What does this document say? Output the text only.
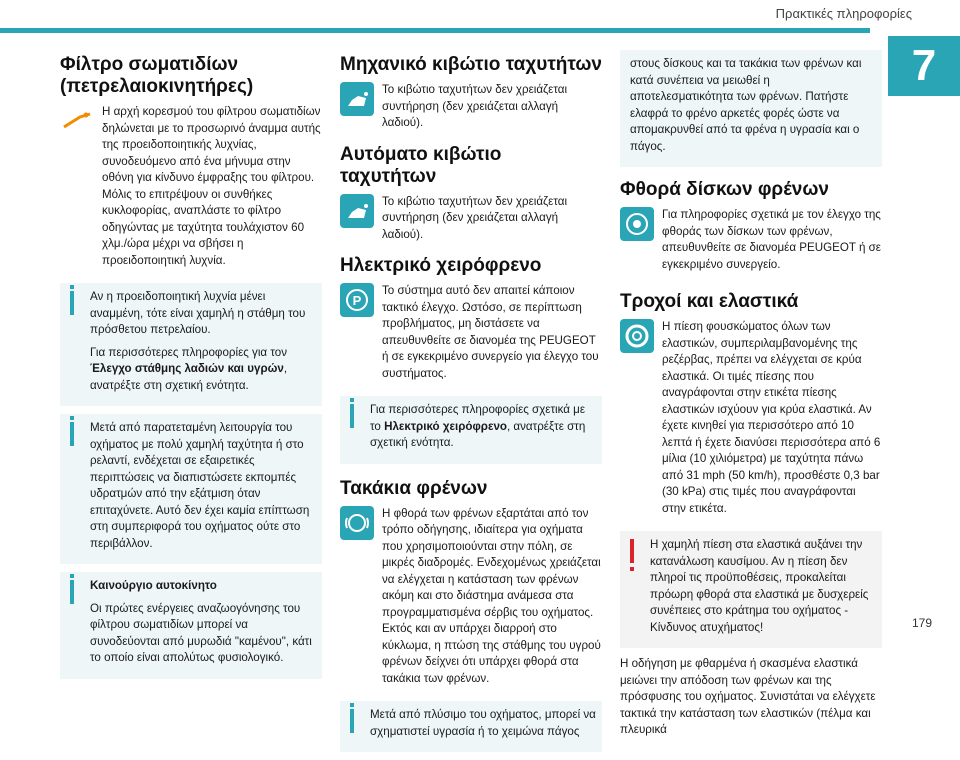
Πρακτικές πληροφορίες
7
179
Φίλτρο σωματιδίων (πετρελαιοκινητήρες)

Η αρχή κορεσμού του φίλτρου σωματιδίων δηλώνεται με το προσωρινό άναμμα αυτής της προειδοποιητικής λυχνίας, συνοδευόμενο από ένα μήνυμα στην οθόνη για κίνδυνο έμφραξης του φίλτρου. Μόλις το επιτρέψουν οι συνθήκες κυκλοφορίας, αναπλάστε το φίλτρο οδηγώντας με ταχύτητα τουλάχιστον 60 χλμ./ώρα μέχρι να σβήσει η προειδοποιητική λυχνία.

Αν η προειδοποιητική λυχνία μένει αναμμένη, τότε είναι χαμηλή η στάθμη του πρόσθετου πετρελαίου.

Για περισσότερες πληροφορίες για τον Έλεγχο στάθμης λαδιών και υγρών, ανατρέξτε στη σχετική ενότητα.

Μετά από παρατεταμένη λειτουργία του οχήματος με πολύ χαμηλή ταχύτητα ή στο ρελαντί, ενδέχεται σε εξαιρετικές περιπτώσεις να διαπιστώσετε εκπομπές υδρατμών από την εξάτμιση όταν επιταχύνετε. Αυτό δεν έχει καμία επίπτωση στη συμπεριφορά του οχήματος ούτε στο περιβάλλον.

Καινούργιο αυτοκίνητο

Οι πρώτες ενέργειες αναζωογόνησης του φίλτρου σωματιδίων μπορεί να συνοδεύονται από μυρωδιά "καμένου", κάτι το οποίο είναι απολύτως φυσιολογικό.

Μηχανικό κιβώτιο ταχυτήτων

Το κιβώτιο ταχυτήτων δεν χρειάζεται συντήρηση (δεν χρειάζεται αλλαγή λαδιού).

Αυτόματο κιβώτιο ταχυτήτων

Το κιβώτιο ταχυτήτων δεν χρειάζεται συντήρηση (δεν χρειάζεται αλλαγή λαδιού).

Ηλεκτρικό χειρόφρενο
P

Το σύστημα αυτό δεν απαιτεί κάποιον τακτικό έλεγχο. Ωστόσο, σε περίπτωση προβλήματος, μη διστάσετε να απευθυνθείτε σε διανομέα της PEUGEOT ή σε εγκεκριμένο συνεργείο για έλεγχο του συστήματος.

Για περισσότερες πληροφορίες σχετικά με το Ηλεκτρικό χειρόφρενο, ανατρέξτε στη σχετική ενότητα.

Τακάκια φρένων

Η φθορά των φρένων εξαρτάται από τον τρόπο οδήγησης, ιδιαίτερα για οχήματα που χρησιμοποιούνται στην πόλη, σε μικρές διαδρομές. Ενδεχομένως χρειάζεται να ελέγχεται η κατάσταση των φρένων ακόμη και στο διάστημα ανάμεσα στα προγραμματισμένα σέρβις του οχήματος. Εκτός και αν υπάρχει διαρροή στο κύκλωμα, η πτώση της στάθμης του υγρού φρένων δείχνει ότι υπάρχει φθορά στα τακάκια των φρένων.

Μετά από πλύσιμο του οχήματος, μπορεί να σχηματιστεί υγρασία ή το χειμώνα πάγος

στους δίσκους και τα τακάκια των φρένων και κατά συνέπεια να μειωθεί η αποτελεσματικότητα των φρένων. Πατήστε ελαφρά το φρένο αρκετές φορές ώστε να απομακρυνθεί από τα φρένα η υγρασία και ο πάγος.

Φθορά δίσκων φρένων

Για πληροφορίες σχετικά με τον έλεγχο της φθοράς των δίσκων των φρένων, απευθυνθείτε σε διανομέα PEUGEOT ή σε εγκεκριμένο συνεργείο.

Τροχοί και ελαστικά

Η πίεση φουσκώματος όλων των ελαστικών, συμπεριλαμβανομένης της ρεζέρβας, πρέπει να ελέγχεται σε κρύα ελαστικά. Οι τιμές πίεσης που αναγράφονται στην ετικέτα πίεσης ελαστικών ισχύουν για κρύα ελαστικά. Αν έχετε κινηθεί για περισσότερο από 10 λεπτά ή έχετε διανύσει περισσότερα από 6 μίλια (10 χιλιόμετρα) με ταχύτητα πάνω από 31 mph (50 km/h), προσθέστε 0,3 bar (30 kPa) στις τιμές που αναγράφονται στην ετικέτα.

Η χαμηλή πίεση στα ελαστικά αυξάνει την κατανάλωση καυσίμου. Αν η πίεση δεν πληροί τις προϋποθέσεις, προκαλείται πρόωρη φθορά στα ελαστικά με δυσχερείς συνέπειες στο κράτημα του οχήματος - Κίνδυνος ατυχήματος!

Η οδήγηση με φθαρμένα ή σκασμένα ελαστικά μειώνει την απόδοση των φρένων και της πρόσφυσης του οχήματος. Συνιστάται να ελέγχετε τακτικά την κατάσταση των ελαστικών (πέλμα και πλευρικά
